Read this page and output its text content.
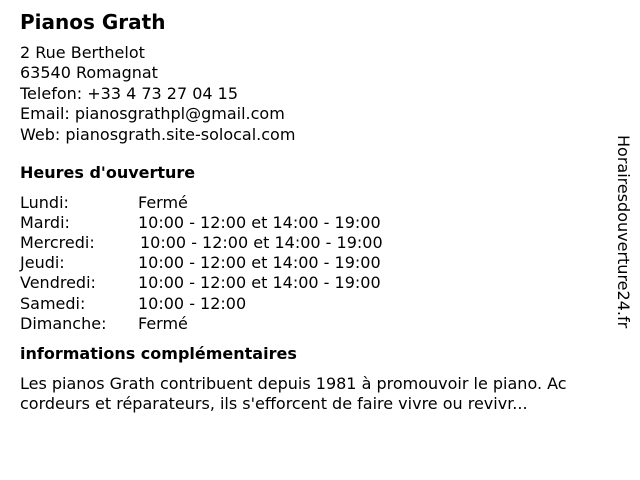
Pianos Grath
2 Rue Berthelot
63540 Romagnat
Telefon: +33 4 73 27 04 15
Email: pianosgrathpl@gmail.com
Web: pianosgrath.site-solocal.com
Heures d'ouverture
Lundi:	Fermé
Mardi:	10:00 - 12:00 et 14:00 - 19:00
Mercredi:	10:00 - 12:00 et 14:00 - 19:00
Jeudi:	10:00 - 12:00 et 14:00 - 19:00
Vendredi:	10:00 - 12:00 et 14:00 - 19:00
Samedi:	10:00 - 12:00
Dimanche: Fermé
informations complémentaires
Les pianos Grath contribuent depuis 1981 à promouvoir le piano. Ac
cordeurs et réparateurs, ils s'efforcent de faire vivre ou revivr...
Horairesdouverture24.fr
